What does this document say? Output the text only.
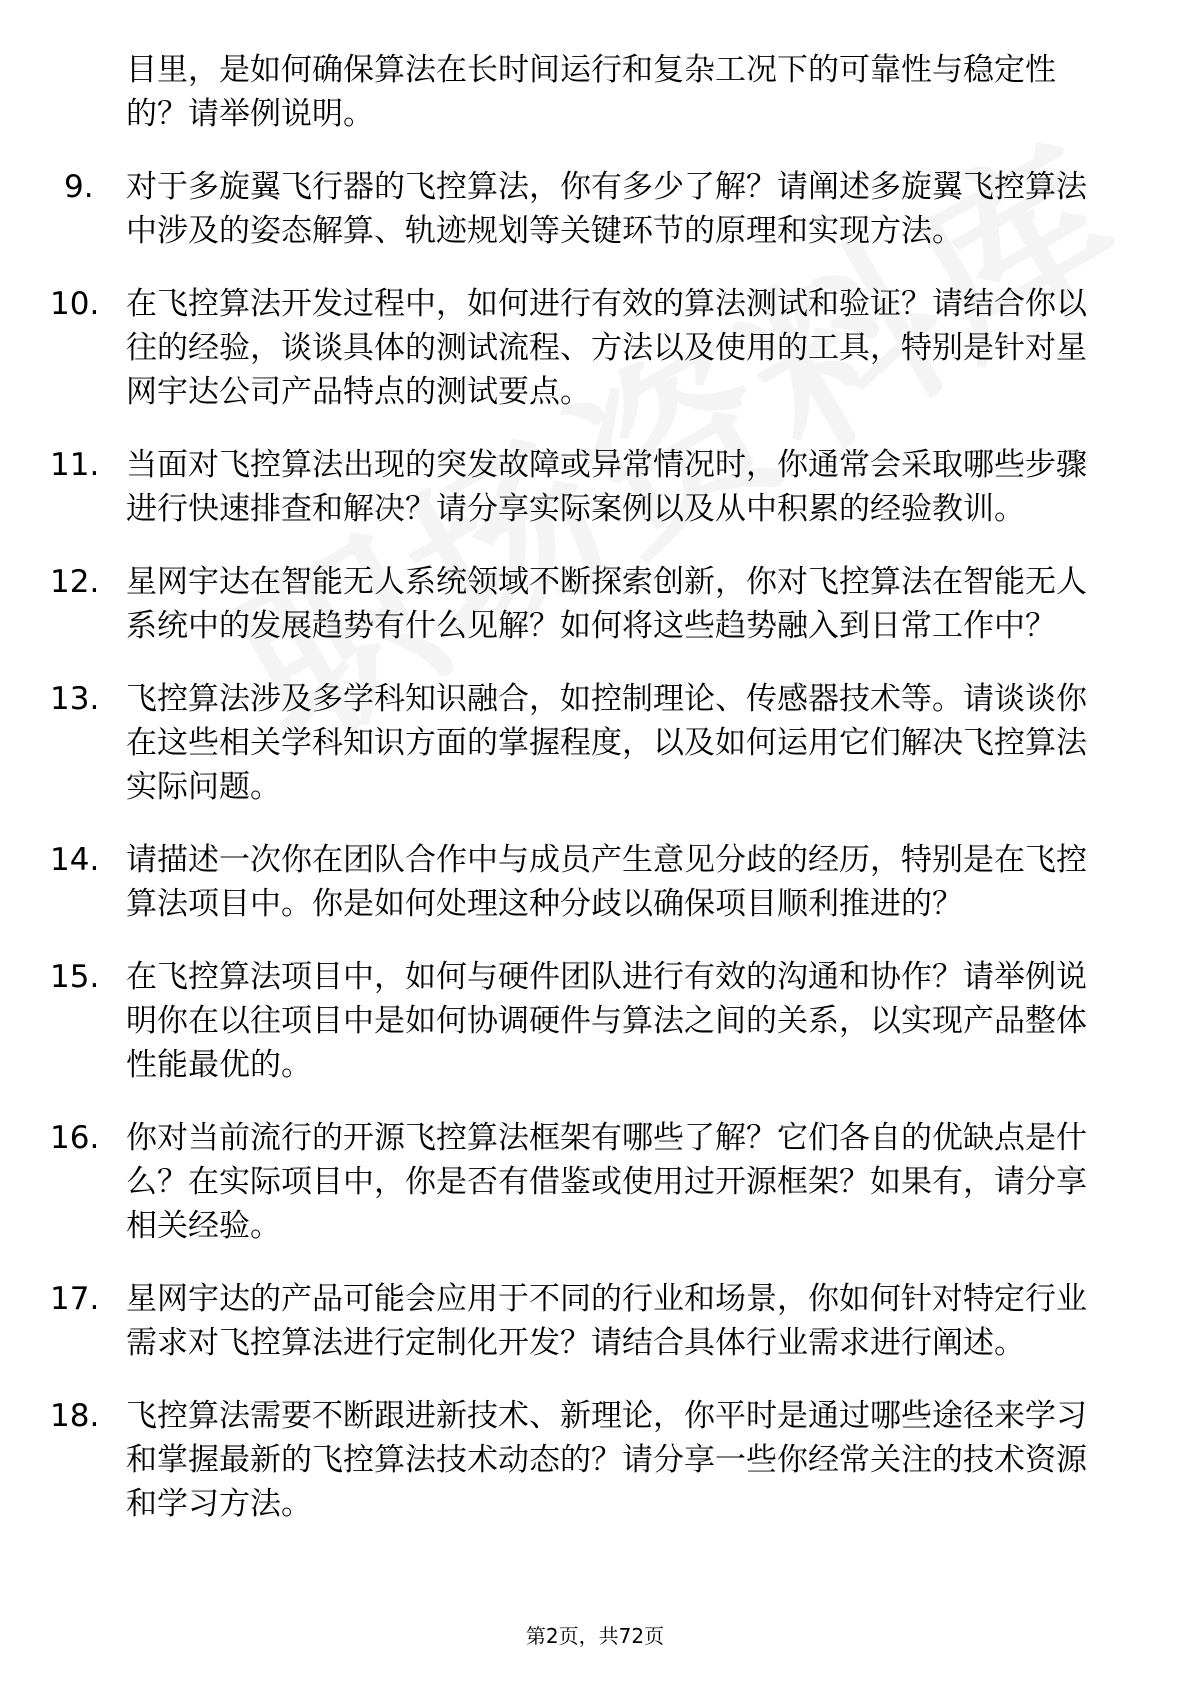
目里，是如何确保算法在长时间运行和复杂工况下的可靠性与稳定性的？请举例说明。
9.	对于多旋翼飞行器的飞控算法，你有多少了解？请阐述多旋翼飞控算法中涉及的姿态解算、轨迹规划等关键环节的原理和实现方法。
10. 在飞控算法开发过程中，如何进行有效的算法测试和验证？请结合你以往的经验，谈谈具体的测试流程、方法以及使用的工具，特别是针对星网宇达公司产品特点的测试要点。
11. 当面对飞控算法出现的突发故障或异常情况时，你通常会采取哪些步骤进行快速排查和解决？请分享实际案例以及从中积累的经验教训。
12. 星网宇达在智能无人系统领域不断探索创新，你对飞控算法在智能无人系统中的发展趋势有什么见解？如何将这些趋势融入到日常工作中？
13. 飞控算法涉及多学科知识融合，如控制理论、传感器技术等。请谈谈你在这些相关学科知识方面的掌握程度，以及如何运用它们解决飞控算法实际问题。
14. 请描述一次你在团队合作中与成员产生意见分歧的经历，特别是在飞控算法项目中。你是如何处理这种分歧以确保项目顺利推进的？
15. 在飞控算法项目中，如何与硬件团队进行有效的沟通和协作？请举例说明你在以往项目中是如何协调硬件与算法之间的关系，以实现产品整体性能最优的。
16. 你对当前流行的开源飞控算法框架有哪些了解？它们各自的优缺点是什么？在实际项目中，你是否有借鉴或使用过开源框架？如果有，请分享相关经验。
17. 星网宇达的产品可能会应用于不同的行业和场景，你如何针对特定行业需求对飞控算法进行定制化开发？请结合具体行业需求进行阐述。
18. 飞控算法需要不断跟进新技术、新理论，你平时是通过哪些途径来学习和掌握最新的飞控算法技术动态的？请分享一些你经常关注的技术资源和学习方法。
第2页，共72页
